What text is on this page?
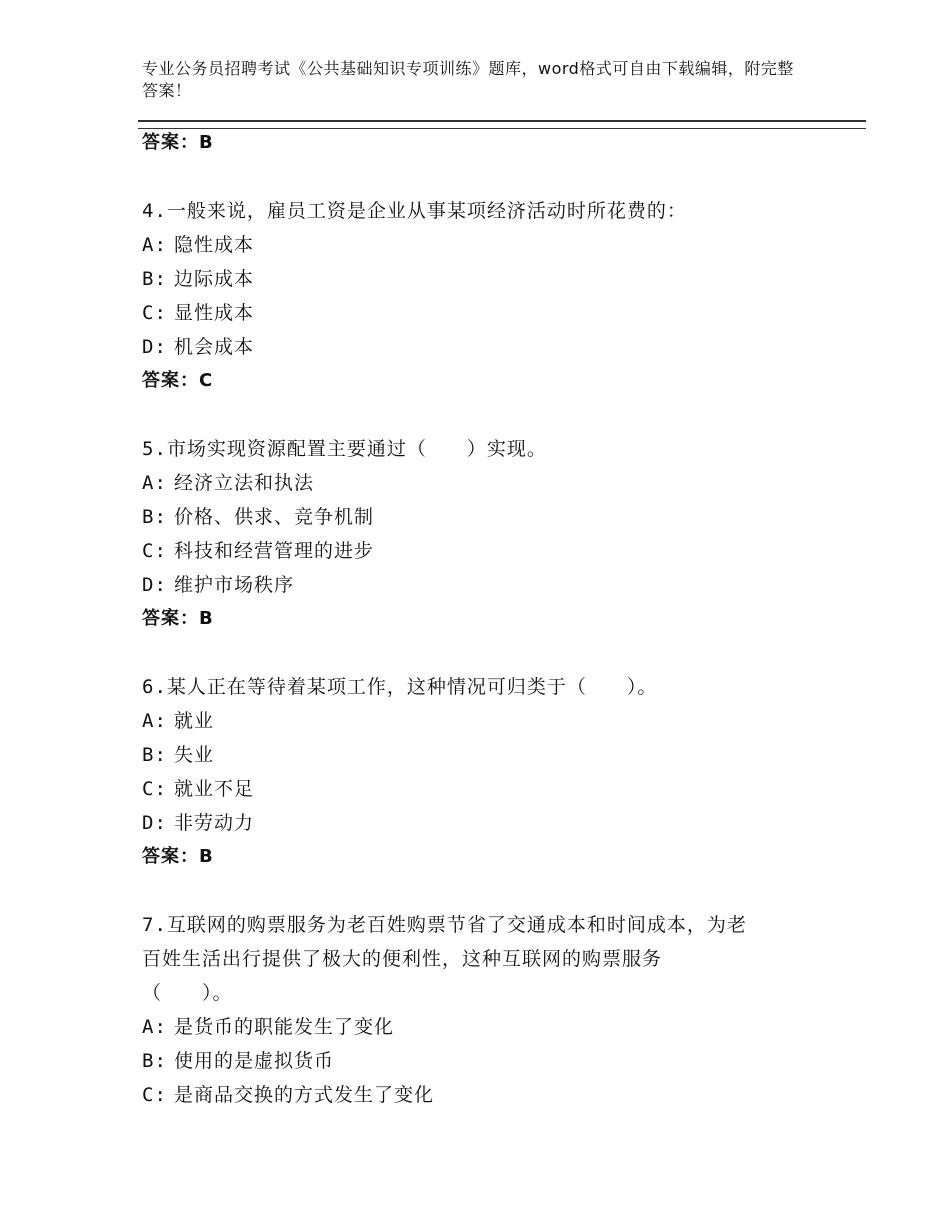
专业公务员招聘考试《公共基础知识专项训练》题库，word格式可自由下载编辑，附完整答案！
答案：B
4.一般来说，雇员工资是企业从事某项经济活动时所花费的：
A: 隐性成本
B: 边际成本
C: 显性成本
D: 机会成本
答案：C
5.市场实现资源配置主要通过（　　）实现。
A: 经济立法和执法
B: 价格、供求、竞争机制
C: 科技和经营管理的进步
D: 维护市场秩序
答案：B
6.某人正在等待着某项工作，这种情况可归类于（　　）。
A: 就业
B: 失业
C: 就业不足
D: 非劳动力
答案：B
7.互联网的购票服务为老百姓购票节省了交通成本和时间成本，为老
百姓生活出行提供了极大的便利性，这种互联网的购票服务
（　　）。
A: 是货币的职能发生了变化
B: 使用的是虚拟货币
C: 是商品交换的方式发生了变化
